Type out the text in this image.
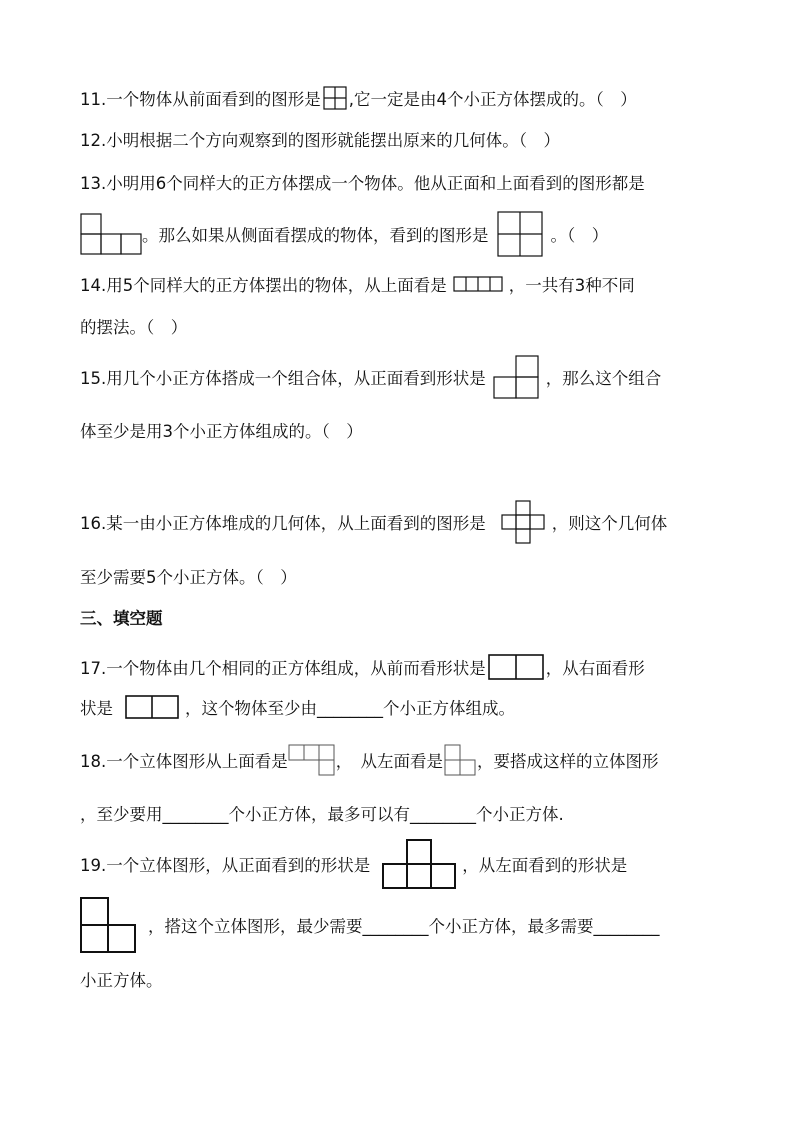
11.一个物体从前面看到的图形是 ,它一定是由4个小正方体摆成的。（　）
12.小明根据二个方向观察到的图形就能摆出原来的几何体。（　）
13.小明用6个同样大的正方体摆成一个物体。他从正面和上面看到的图形都是
。那么如果从侧面看摆成的物体，看到的图形是	。（　）
14.用5个同样大的正方体摆出的物体，从上面看是	，一共有3种不同
的摆法。（　）
15.用几个小正方体搭成一个组合体，从正面看到形状是	，那么这个组合
体至少是用3个小正方体组成的。（　）
16.某一由小正方体堆成的几何体，从上面看到的图形是	，则这个几何体
至少需要5个小正方体。（　）
三、填空题
17.一个物体由几个相同的正方体组成，从前而看形状是	，从右面看形
状是	，这个物体至少由________个小正方体组成。
18.一个立体图形从上面看是	，　从左面看是 ，要搭成这样的立体图形
，至少要用________个小正方体，最多可以有________个小正方体.
19.一个立体图形，从正面看到的形状是	，从左面看到的形状是
，搭这个立体图形，最少需要________个小正方体，最多需要________
小正方体。
